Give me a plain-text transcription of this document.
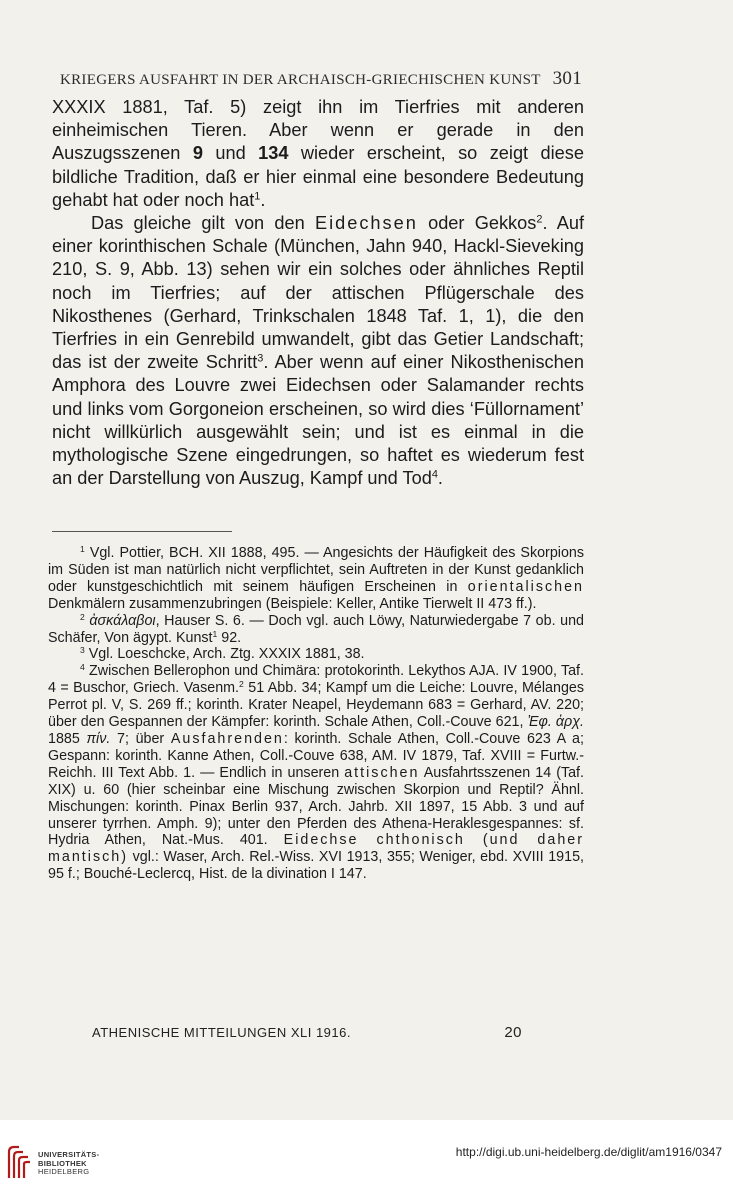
KRIEGERS AUSFAHRT IN DER ARCHAISCH-GRIECHISCHEN KUNST 301

XXXIX 1881, Taf. 5) zeigt ihn im Tierfries mit anderen einheimischen Tieren. Aber wenn er gerade in den Auszugsszenen 9 und 134 wieder erscheint, so zeigt diese bildliche Tradition, daß er hier einmal eine besondere Bedeutung gehabt hat oder noch hat$^1$.

Das gleiche gilt von den Eidechsen oder Gekkos$^2$. Auf einer korinthischen Schale (München, Jahn 940, Hackl-Sieveking 210, S. 9, Abb. 13) sehen wir ein solches oder ähnliches Reptil noch im Tierfries; auf der attischen Pflügerschale des Nikosthenes (Gerhard, Trinkschalen 1848 Taf. 1, 1), die den Tierfries in ein Genrebild umwandelt, gibt das Getier Landschaft; das ist der zweite Schritt$^3$. Aber wenn auf einer Nikosthenischen Amphora des Louvre zwei Eidechsen oder Salamander rechts und links vom Gorgoneion erscheinen, so wird dies ‘Füllornament’ nicht willkürlich ausgewählt sein; und ist es einmal in die mythologische Szene eingedrungen, so haftet es wiederum fest an der Darstellung von Auszug, Kampf und Tod$^4$.

$^1$ Vgl. Pottier, BCH. XII 1888, 495. — Angesichts der Häufigkeit des Skorpions im Süden ist man natürlich nicht verpflichtet, sein Auftreten in der Kunst gedanklich oder kunstgeschichtlich mit seinem häufigen Erscheinen in orientalischen Denkmälern zusammenzubringen (Beispiele: Keller, Antike Tierwelt II 473 ff.).

$^2$ ἀσκάλαβοι, Hauser S. 6. — Doch vgl. auch Löwy, Naturwiedergabe 7 ob. und Schäfer, Von ägypt. Kunst$^1$ 92.

$^3$ Vgl. Loeschcke, Arch. Ztg. XXXIX 1881, 38.

$^4$ Zwischen Bellerophon und Chimära: protokorinth. Lekythos AJA. IV 1900, Taf. 4 = Buschor, Griech. Vasenm.$^2$ 51 Abb. 34; Kampf um die Leiche: Louvre, Mélanges Perrot pl. V, S. 269 ff.; korinth. Krater Neapel, Heydemann 683 = Gerhard, AV. 220; über den Gespannen der Kämpfer: korinth. Schale Athen, Coll.-Couve 621, Ἐφ. ἀρχ. 1885 πίν. 7; über Ausfahrenden: korinth. Schale Athen, Coll.-Couve 623 A a; Gespann: korinth. Kanne Athen, Coll.-Couve 638, AM. IV 1879, Taf. XVIII = Furtw.-Reichh. III Text Abb. 1. — Endlich in unseren attischen Ausfahrtsszenen 14 (Taf. XIX) u. 60 (hier scheinbar eine Mischung zwischen Skorpion und Reptil? Ähnl. Mischungen: korinth. Pinax Berlin 937, Arch. Jahrb. XII 1897, 15 Abb. 3 und auf unserer tyrrhen. Amph. 9); unter den Pferden des Athena-Heraklesgespannes: sf. Hydria Athen, Nat.-Mus. 401. Eidechse chthonisch (und daher mantisch) vgl.: Waser, Arch. Rel.-Wiss. XVI 1913, 355; Weniger, ebd. XVIII 1915, 95 f.; Bouché-Leclercq, Hist. de la divination I 147.

ATHENISCHE MITTEILUNGEN XLI 1916.	20
UNIVERSITÄTS-
BIBLIOTHEK
HEIDELBERG
http://digi.ub.uni-heidelberg.de/diglit/am1916/0347
